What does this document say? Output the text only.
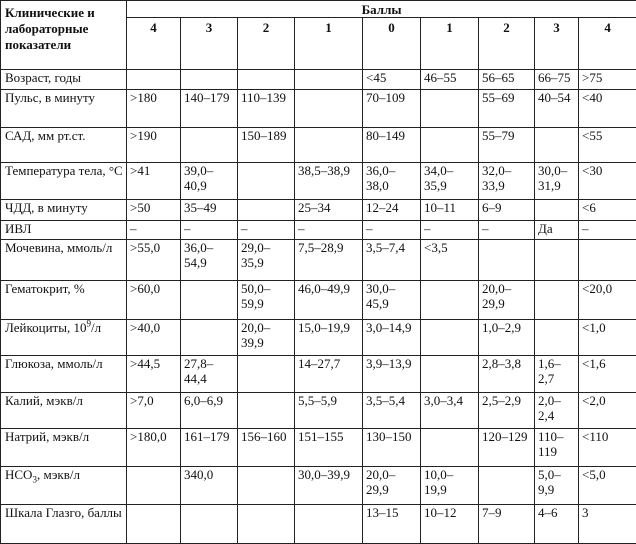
Клинические и лабораторные показатели	Баллы								
	4	3	2	1	0	1	2	3	4
Возраст, годы					<45	46–55	56–65	66–75	>75
Пульс, в минуту	>180	140–179	110–139		70–109		55–69	40–54	<40
САД, мм рт.ст.	>190		150–189		80–149		55–79		<55
Температура тела, °С	>41	39,0–40,9		38,5–38,9	36,0–38,0	34,0–35,9	32,0–33,9	30,0–31,9	<30
ЧДД, в минуту	>50	35–49		25–34	12–24	10–11	6–9		<6
ИВЛ	–	–	–	–	–	–	–	Да	–
Мочевина, ммоль/л	>55,0	36,0–54,9	29,0–35,9	7,5–28,9	3,5–7,4	<3,5			
Гематокрит, %	>60,0		50,0–59,9	46,0–49,9	30,0–45,9		20,0–29,9		<20,0
Лейкоциты, $10^9/л$	>40,0		20,0–39,9	15,0–19,9	3,0–14,9		1,0–2,9		<1,0
Глюкоза, ммоль/л	>44,5	27,8–44,4		14–27,7	3,9–13,9		2,8–3,8	1,6–2,7	<1,6
Калий, мэкв/л	>7,0	6,0–6,9		5,5–5,9	3,5–5,4	3,0–3,4	2,5–2,9	2,0–2,4	<2,0
Натрий, мэкв/л	>180,0	161–179	156–160	151–155	130–150		120–129	110–119	<110
$НСО_3$, мэкв/л		340,0		30,0–39,9	20,0–29,9	10,0–19,9		5,0–9,9	<5,0
Шкала Глазго, баллы					13–15	10–12	7–9	4–6	3
